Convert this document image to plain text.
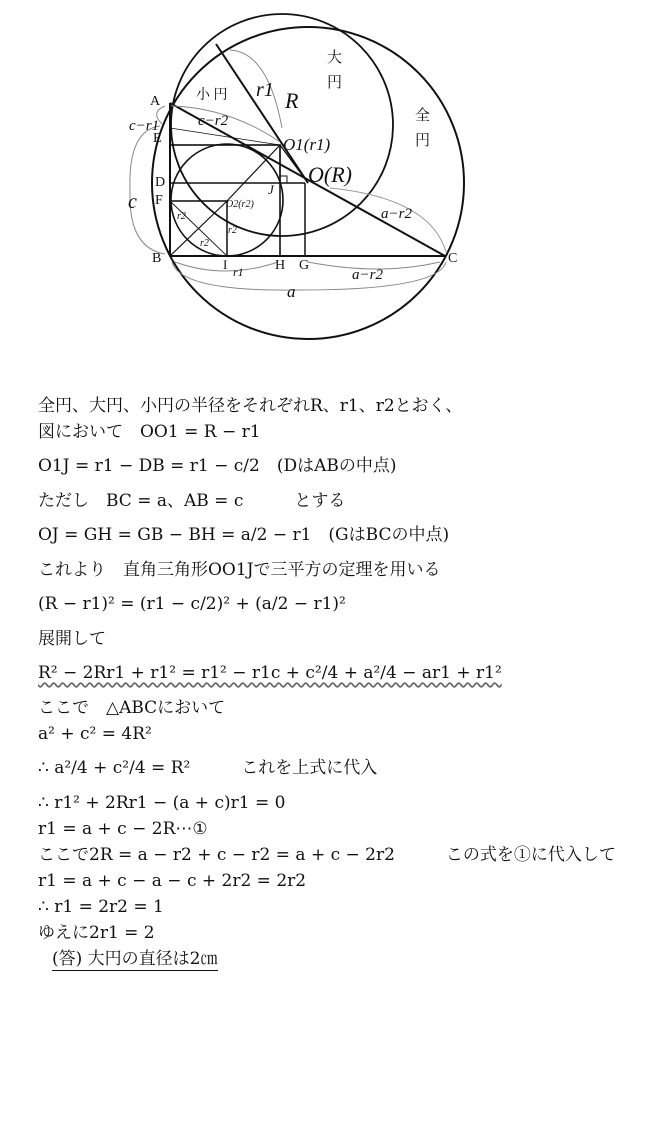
A
E
D
F
B	C
H G
I
J
r1 R
O1(r1)
O(R)
O2(r2)
r2
r2
r2
c−r1	c−r2
c
a−r2
a−r2
r1
a
大
円
全
円
小 円
全円、大円、小円の半径をそれぞれR、r1、r2とおく、
図において　OO1 = R − r1
O1J = r1 − DB = r1 − c/2　(DはABの中点)
ただし　BC = a、AB = c　　　とする
OJ = GH = GB − BH = a/2 − r1　(GはBCの中点)
これより　直角三角形OO1Jで三平方の定理を用いる
(R − r1)² = (r1 − c/2)² + (a/2 − r1)²
展開して
R² − 2Rr1 + r1² = r1² − r1c + c²/4 + a²/4 − ar1 + r1²
ここで　△ABCにおいて
a² + c² = 4R²
∴ a²/4 + c²/4 = R²　　　これを上式に代入
∴ r1² + 2Rr1 − (a + c)r1 = 0
r1 = a + c − 2R⋯①
ここで2R = a − r2 + c − r2 = a + c − 2r2　　　この式を①に代入して
r1 = a + c − a − c + 2r2 = 2r2
∴ r1 = 2r2 = 1
ゆえに2r1 = 2
(答) 大円の直径は2㎝
